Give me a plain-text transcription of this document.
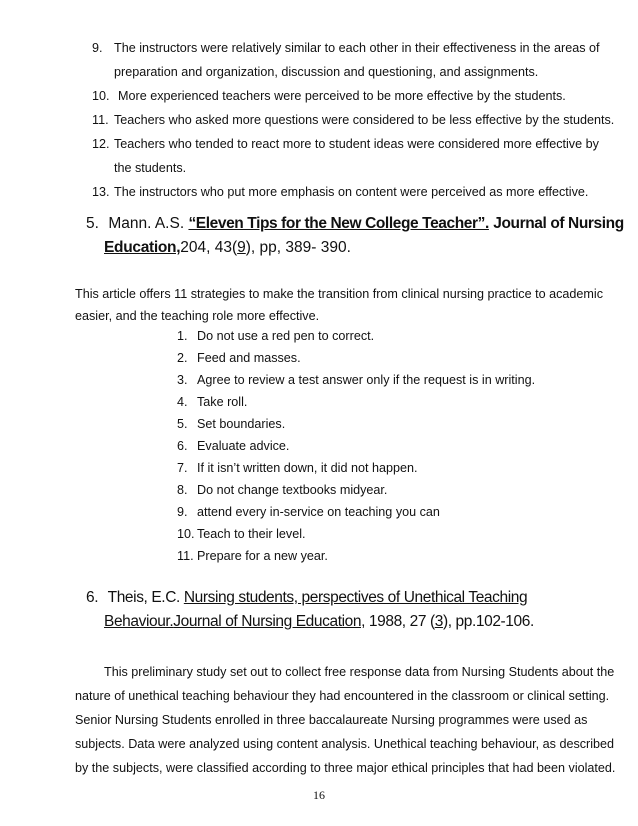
9. The instructors were relatively similar to each other in their effectiveness in the areas of
preparation and organization, discussion and questioning, and assignments.
10. More experienced teachers were perceived to be more effective by the students.
11. Teachers who asked more questions were considered to be less effective by the students.
12. Teachers who tended to react more to student ideas were considered more effective by
the students.
13. The instructors who put more emphasis on content were perceived as more effective.
5. Mann. A.S. “Eleven Tips for the New College Teacher”. Journal of Nursing
Education,204, 43(9), pp, 389- 390.
This article offers 11 strategies to make the transition from clinical nursing practice to academic
easier, and the teaching role more effective.
1. Do not use a red pen to correct.
2. Feed and masses.
3. Agree to review a test answer only if the request is in writing.
4. Take roll.
5. Set boundaries.
6. Evaluate advice.
7. If it isn’t written down, it did not happen.
8. Do not change textbooks midyear.
9. attend every in-service on teaching you can
10. Teach to their level.
11. Prepare for a new year.
6. Theis, E.C. Nursing students, perspectives of Unethical Teaching
Behaviour.Journal of Nursing Education, 1988, 27 (3), pp.102-106.
This preliminary study set out to collect free response data from Nursing Students about the
nature of unethical teaching behaviour they had encountered in the classroom or clinical setting.
Senior Nursing Students enrolled in three baccalaureate Nursing programmes were used as
subjects. Data were analyzed using content analysis. Unethical teaching behaviour, as described
by the subjects, were classified according to three major ethical principles that had been violated.
16
